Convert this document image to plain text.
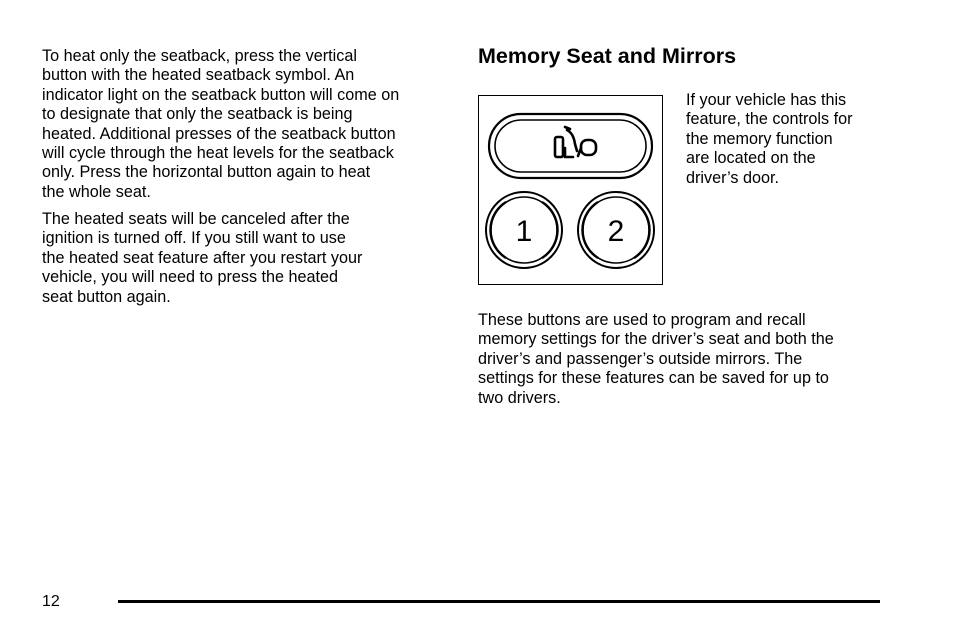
To heat only the seatback, press the vertical
button with the heated seatback symbol. An
indicator light on the seatback button will come on
to designate that only the seatback is being
heated. Additional presses of the seatback button
will cycle through the heat levels for the seatback
only. Press the horizontal button again to heat
the whole seat.

The heated seats will be canceled after the
ignition is turned off. If you still want to use
the heated seat feature after you restart your
vehicle, you will need to press the heated
seat button again.

Memory Seat and Mirrors
1	2

If your vehicle has this
feature, the controls for
the memory function
are located on the
driver’s door.

These buttons are used to program and recall
memory settings for the driver’s seat and both the
driver’s and passenger’s outside mirrors. The
settings for these features can be saved for up to
two drivers.

12
